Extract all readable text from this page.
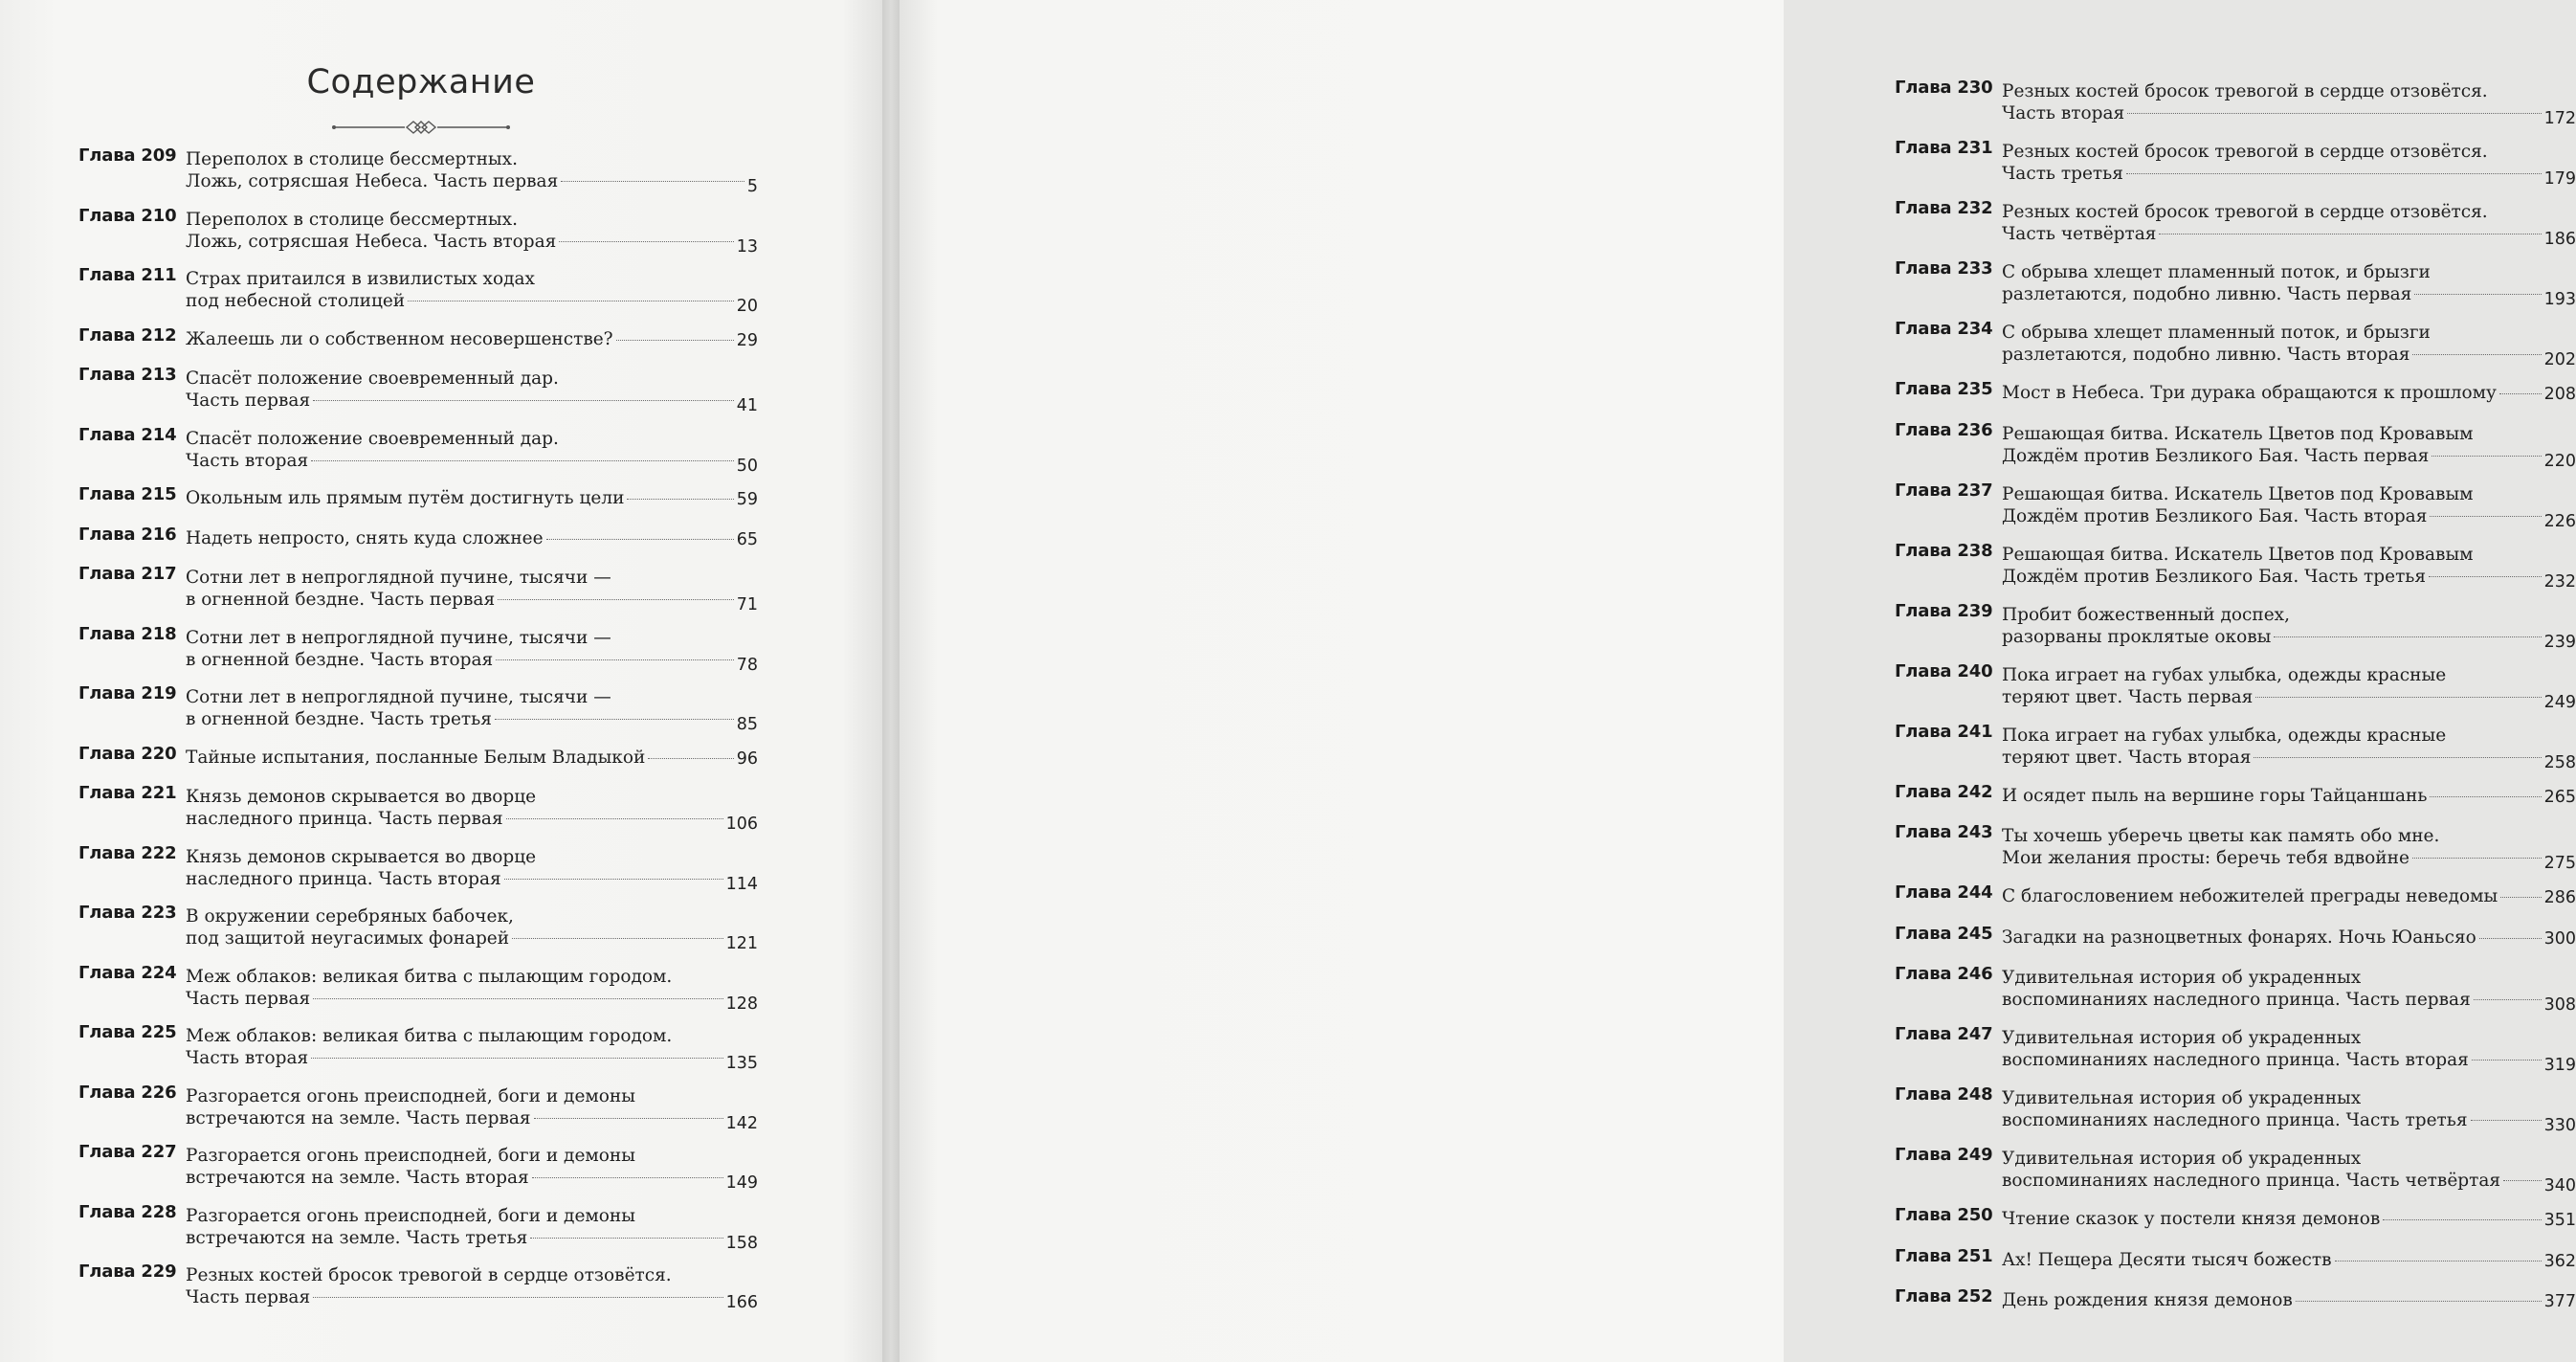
Содержание
Глава 209 Переполох в столице бессмертных.
Ложь, сотрясшая Небеса. Часть первая	5
Глава 210 Переполох в столице бессмертных.
Ложь, сотрясшая Небеса. Часть вторая	13
Глава 211 Страх притаился в извилистых ходах
под небесной столицей	20
Глава 212 Жалеешь ли о собственном несовершенстве?	29
Глава 213 Спасёт положение своевременный дар.
Часть первая	41
Глава 214 Спасёт положение своевременный дар.
Часть вторая	50
Глава 215 Окольным иль прямым путём достигнуть цели	59
Глава 216 Надеть непросто, снять куда сложнее	65
Глава 217 Сотни лет в непроглядной пучине, тысячи —
в огненной бездне. Часть первая	71
Глава 218 Сотни лет в непроглядной пучине, тысячи —
в огненной бездне. Часть вторая	78
Глава 219 Сотни лет в непроглядной пучине, тысячи —
в огненной бездне. Часть третья	85
Глава 220 Тайные испытания, посланные Белым Владыкой	96
Глава 221 Князь демонов скрывается во дворце
наследного принца. Часть первая	106
Глава 222 Князь демонов скрывается во дворце
наследного принца. Часть вторая	114
Глава 223 В окружении серебряных бабочек,
под защитой неугасимых фонарей	121
Глава 224 Меж облаков: великая битва с пылающим городом.
Часть первая	128
Глава 225 Меж облаков: великая битва с пылающим городом.
Часть вторая	135
Глава 226 Разгорается огонь преисподней, боги и демоны
встречаются на земле. Часть первая	142
Глава 227 Разгорается огонь преисподней, боги и демоны
встречаются на земле. Часть вторая	149
Глава 228 Разгорается огонь преисподней, боги и демоны
встречаются на земле. Часть третья	158
Глава 229 Резных костей бросок тревогой в сердце отзовётся.
Часть первая	166
Глава 230 Резных костей бросок тревогой в сердце отзовётся.
Часть вторая	172
Глава 231 Резных костей бросок тревогой в сердце отзовётся.
Часть третья	179
Глава 232 Резных костей бросок тревогой в сердце отзовётся.
Часть четвёртая	186
Глава 233 С обрыва хлещет пламенный поток, и брызги
разлетаются, подобно ливню. Часть первая	193
Глава 234 С обрыва хлещет пламенный поток, и брызги
разлетаются, подобно ливню. Часть вторая	202
Глава 235 Мост в Небеса. Три дурака обращаются к прошлому	208
Глава 236 Решающая битва. Искатель Цветов под Кровавым
Дождём против Безликого Бая. Часть первая	220
Глава 237 Решающая битва. Искатель Цветов под Кровавым
Дождём против Безликого Бая. Часть вторая	226
Глава 238 Решающая битва. Искатель Цветов под Кровавым
Дождём против Безликого Бая. Часть третья	232
Глава 239 Пробит божественный доспех,
разорваны проклятые оковы	239
Глава 240 Пока играет на губах улыбка, одежды красные
теряют цвет. Часть первая	249
Глава 241 Пока играет на губах улыбка, одежды красные
теряют цвет. Часть вторая	258
Глава 242 И осядет пыль на вершине горы Тайцаншань	265
Глава 243 Ты хочешь уберечь цветы как память обо мне.
Мои желания просты: беречь тебя вдвойне	275
Глава 244 С благословением небожителей преграды неведомы	286
Глава 245 Загадки на разноцветных фонарях. Ночь Юаньсяо	300
Глава 246 Удивительная история об украденных
воспоминаниях наследного принца. Часть первая	308
Глава 247 Удивительная история об украденных
воспоминаниях наследного принца. Часть вторая	319
Глава 248 Удивительная история об украденных
воспоминаниях наследного принца. Часть третья	330
Глава 249 Удивительная история об украденных
воспоминаниях наследного принца. Часть четвёртая	340
Глава 250 Чтение сказок у постели князя демонов	351
Глава 251 Ах! Пещера Десяти тысяч божеств	362
Глава 252 День рождения князя демонов	377
